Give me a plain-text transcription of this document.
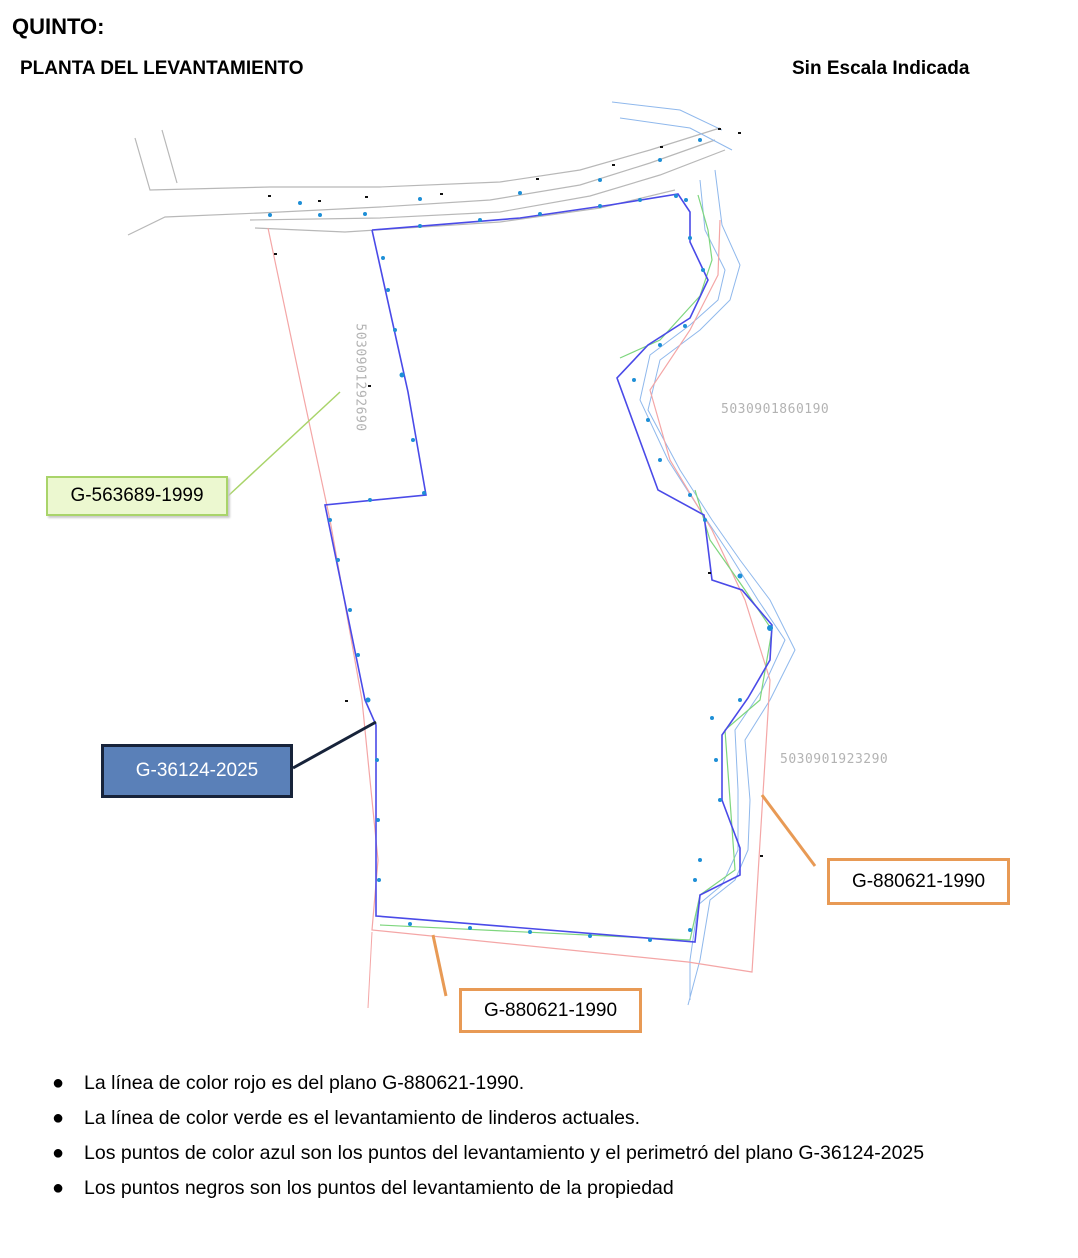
QUINTO:
PLANTA DEL LEVANTAMIENTO	Sin Escala Indicada
5030901292690	5030901860190
5030901923290
G-563689-1999
G-36124-2025
G-880621-1990
G-880621-1990
● La línea de color rojo es del plano G-880621-1990.
● La línea de color verde es el levantamiento de linderos actuales.
● Los puntos de color azul son los puntos del levantamiento y el perimetró del plano G-36124-2025
● Los puntos negros son los puntos del levantamiento de la propiedad
